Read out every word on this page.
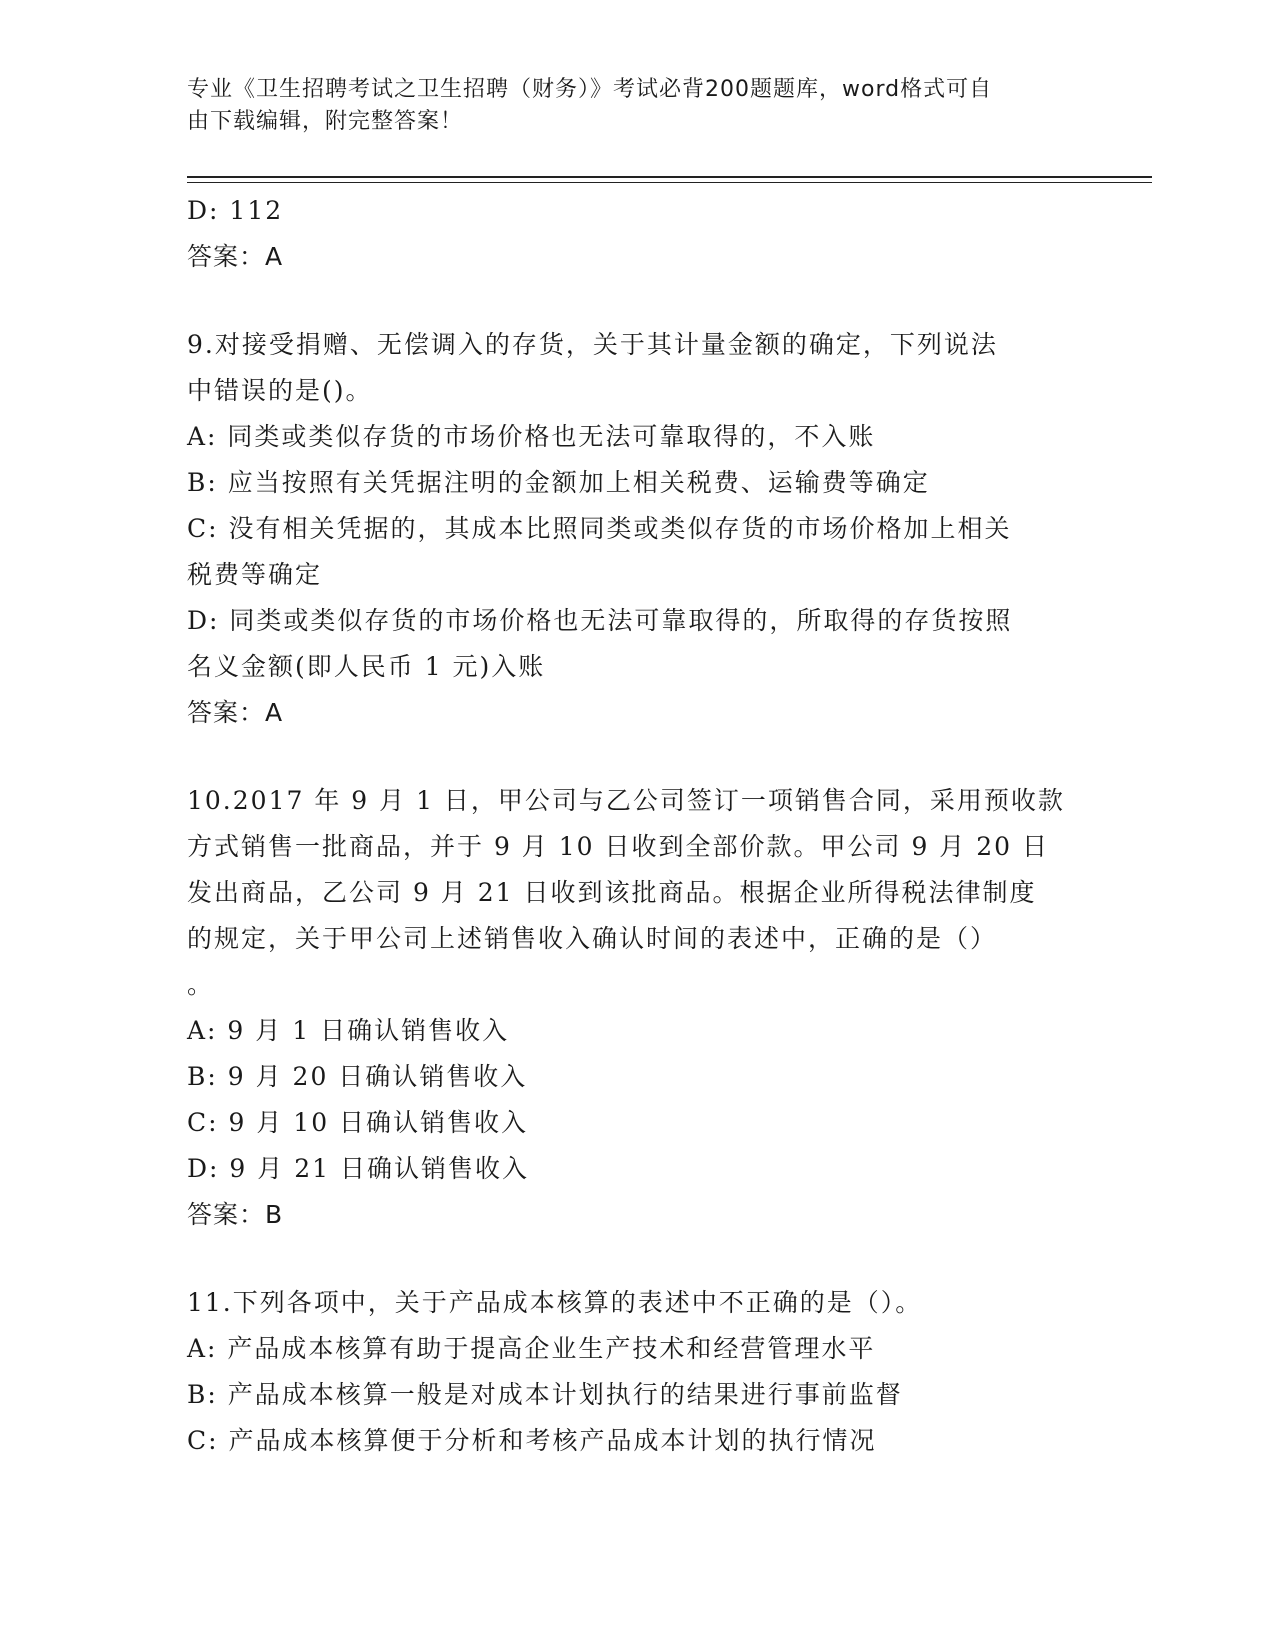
专业《卫生招聘考试之卫生招聘（财务）》考试必背200题题库，word格式可自
由下载编辑，附完整答案！
D: 112
答案：A
9.对接受捐赠、无偿调入的存货，关于其计量金额的确定，下列说法
中错误的是()。
A: 同类或类似存货的市场价格也无法可靠取得的，不入账
B: 应当按照有关凭据注明的金额加上相关税费、运输费等确定
C: 没有相关凭据的，其成本比照同类或类似存货的市场价格加上相关
税费等确定
D: 同类或类似存货的市场价格也无法可靠取得的，所取得的存货按照
名义金额(即人民币 1 元)入账
答案：A
10.2017 年 9 月 1 日，甲公司与乙公司签订一项销售合同，采用预收款
方式销售一批商品，并于 9 月 10 日收到全部价款。甲公司 9 月 20 日
发出商品，乙公司 9 月 21 日收到该批商品。根据企业所得税法律制度
的规定，关于甲公司上述销售收入确认时间的表述中，正确的是（）
。
A: 9 月 1 日确认销售收入
B: 9 月 20 日确认销售收入
C: 9 月 10 日确认销售收入
D: 9 月 21 日确认销售收入
答案：B
11.下列各项中，关于产品成本核算的表述中不正确的是（）。
A: 产品成本核算有助于提高企业生产技术和经营管理水平
B: 产品成本核算一般是对成本计划执行的结果进行事前监督
C: 产品成本核算便于分析和考核产品成本计划的执行情况
